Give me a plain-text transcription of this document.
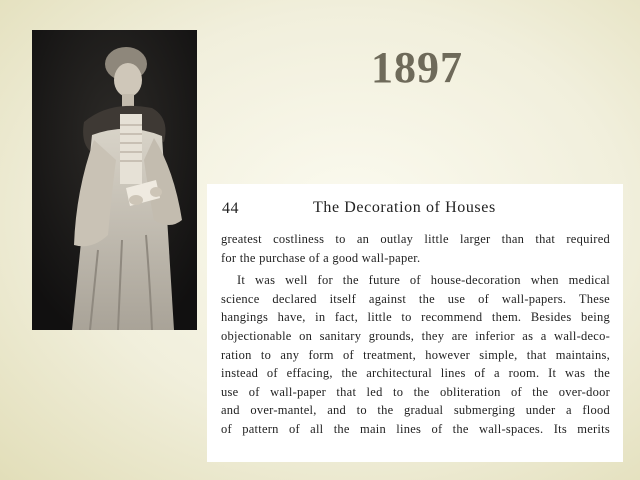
1897
44	The Decoration of Houses
greatest costliness to an outlay little larger than that required
for the purchase of a good wall-paper.
It was well for the future of house-decoration when medical
science declared itself against the use of wall-papers. These
hangings have, in fact, little to recommend them. Besides being
objectionable on sanitary grounds, they are inferior as a wall-deco-
ration to any form of treatment, however simple, that maintains,
instead of effacing, the architectural lines of a room. It was the
use of wall-paper that led to the obliteration of the over-door
and over-mantel, and to the gradual submerging under a flood
of pattern of all the main lines of the wall-spaces. Its merits
